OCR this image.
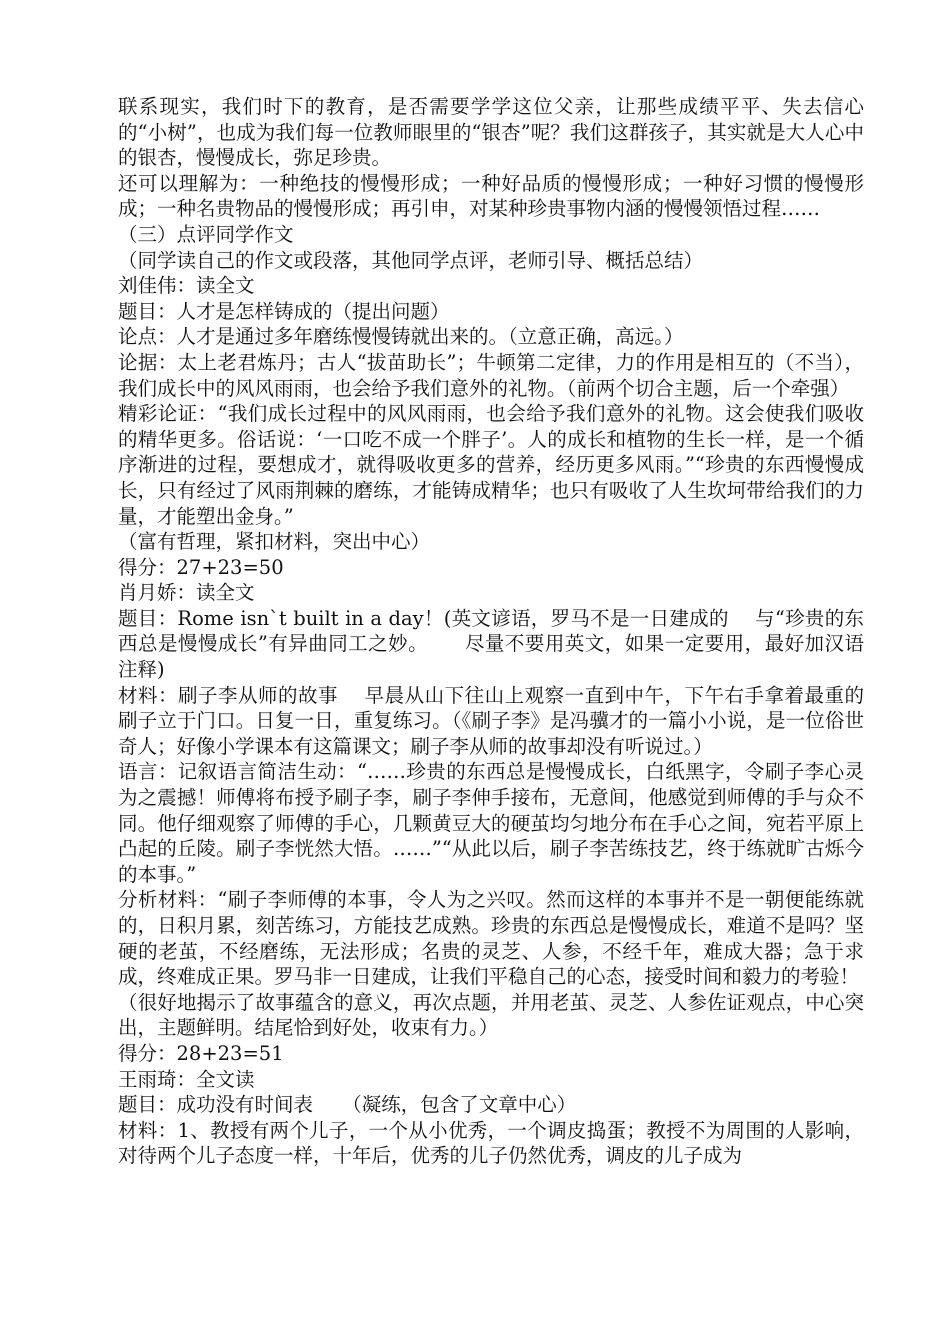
联系现实，我们时下的教育，是否需要学学这位父亲，让那些成绩平平、失去信心的“小树”，也成为我们每一位教师眼里的“银杏”呢？我们这群孩子，其实就是大人心中的银杏，慢慢成长，弥足珍贵。

还可以理解为：一种绝技的慢慢形成；一种好品质的慢慢形成；一种好习惯的慢慢形成；一种名贵物品的慢慢形成；再引申，对某种珍贵事物内涵的慢慢领悟过程……

（三）点评同学作文

（同学读自己的作文或段落，其他同学点评，老师引导、概括总结）

刘佳伟：读全文

题目：人才是怎样铸成的（提出问题）

论点：人才是通过多年磨练慢慢铸就出来的。（立意正确，高远。）

论据：太上老君炼丹；古人“拔苗助长”；牛顿第二定律，力的作用是相互的（不当），我们成长中的风风雨雨，也会给予我们意外的礼物。（前两个切合主题，后一个牵强）

精彩论证：“我们成长过程中的风风雨雨，也会给予我们意外的礼物。这会使我们吸收的精华更多。俗话说：‘一口吃不成一个胖子’。人的成长和植物的生长一样，是一个循序渐进的过程，要想成才，就得吸收更多的营养，经历更多风雨。”“珍贵的东西慢慢成长，只有经过了风雨荆棘的磨练，才能铸成精华；也只有吸收了人生坎坷带给我们的力量，才能塑出金身。”

（富有哲理，紧扣材料，突出中心）

得分：27+23=50

肖月娇：读全文

题目：Rome isn`t built in a day！(英文谚语，罗马不是一日建成的　 与“珍贵的东西总是慢慢成长”有异曲同工之妙。　　 尽量不要用英文，如果一定要用，最好加汉语注释)

材料：刷子李从师的故事　 早晨从山下往山上观察一直到中午，下午右手拿着最重的刷子立于门口。日复一日，重复练习。（《刷子李》是冯骥才的一篇小小说，是一位俗世奇人；好像小学课本有这篇课文；刷子李从师的故事却没有听说过。）

语言：记叙语言简洁生动：“……珍贵的东西总是慢慢成长，白纸黑字，令刷子李心灵为之震撼！师傅将布授予刷子李，刷子李伸手接布，无意间，他感觉到师傅的手与众不同。他仔细观察了师傅的手心，几颗黄豆大的硬茧均匀地分布在手心之间，宛若平原上凸起的丘陵。刷子李恍然大悟。……”“从此以后，刷子李苦练技艺，终于练就旷古烁今的本事。”

分析材料：“刷子李师傅的本事，令人为之兴叹。然而这样的本事并不是一朝便能练就的，日积月累，刻苦练习，方能技艺成熟。珍贵的东西总是慢慢成长，难道不是吗？坚硬的老茧，不经磨练，无法形成；名贵的灵芝、人参，不经千年，难成大器；急于求成，终难成正果。罗马非一日建成，让我们平稳自己的心态，接受时间和毅力的考验！

（很好地揭示了故事蕴含的意义，再次点题，并用老茧、灵芝、人参佐证观点，中心突出，主题鲜明。结尾恰到好处，收束有力。）

得分：28+23=51

王雨琦：全文读

题目：成功没有时间表　　（凝练，包含了文章中心）

材料：1、教授有两个儿子，一个从小优秀，一个调皮捣蛋；教授不为周围的人影响，对待两个儿子态度一样，十年后，优秀的儿子仍然优秀，调皮的儿子成为
